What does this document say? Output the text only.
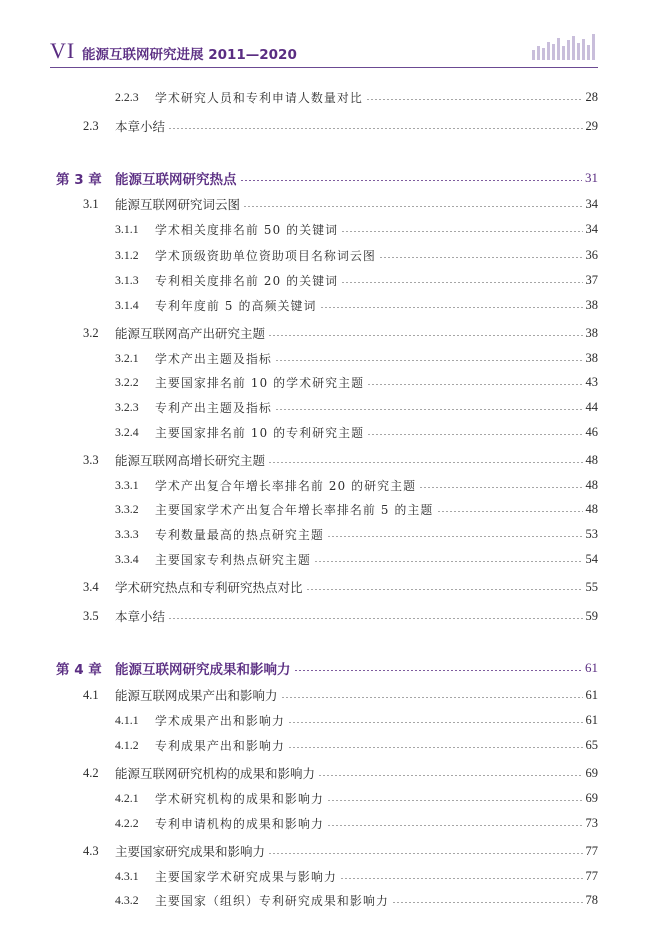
VI 能源互联网研究进展 2011—2020
2.2.3	学术研究人员和专利申请人数量对比	28
2.3	本章小结	29
第 3 章 能源互联网研究热点	31
3.1	能源互联网研究词云图	34
3.1.1	学术相关度排名前 50 的关键词	34
3.1.2	学术顶级资助单位资助项目名称词云图	36
3.1.3	专利相关度排名前 20 的关键词	37
3.1.4	专利年度前 5 的高频关键词	38
3.2	能源互联网高产出研究主题	38
3.2.1	学术产出主题及指标	38
3.2.2	主要国家排名前 10 的学术研究主题	43
3.2.3	专利产出主题及指标	44
3.2.4	主要国家排名前 10 的专利研究主题	46
3.3	能源互联网高增长研究主题	48
3.3.1	学术产出复合年增长率排名前 20 的研究主题	48
3.3.2	主要国家学术产出复合年增长率排名前 5 的主题	48
3.3.3	专利数量最高的热点研究主题	53
3.3.4	主要国家专利热点研究主题	54
3.4	学术研究热点和专利研究热点对比	55
3.5	本章小结	59
第 4 章 能源互联网研究成果和影响力	61
4.1	能源互联网成果产出和影响力	61
4.1.1	学术成果产出和影响力	61
4.1.2	专利成果产出和影响力	65
4.2	能源互联网研究机构的成果和影响力	69
4.2.1	学术研究机构的成果和影响力	69
4.2.2	专利申请机构的成果和影响力	73
4.3	主要国家研究成果和影响力	77
4.3.1	主要国家学术研究成果与影响力	77
4.3.2	主要国家（组织）专利研究成果和影响力	78
